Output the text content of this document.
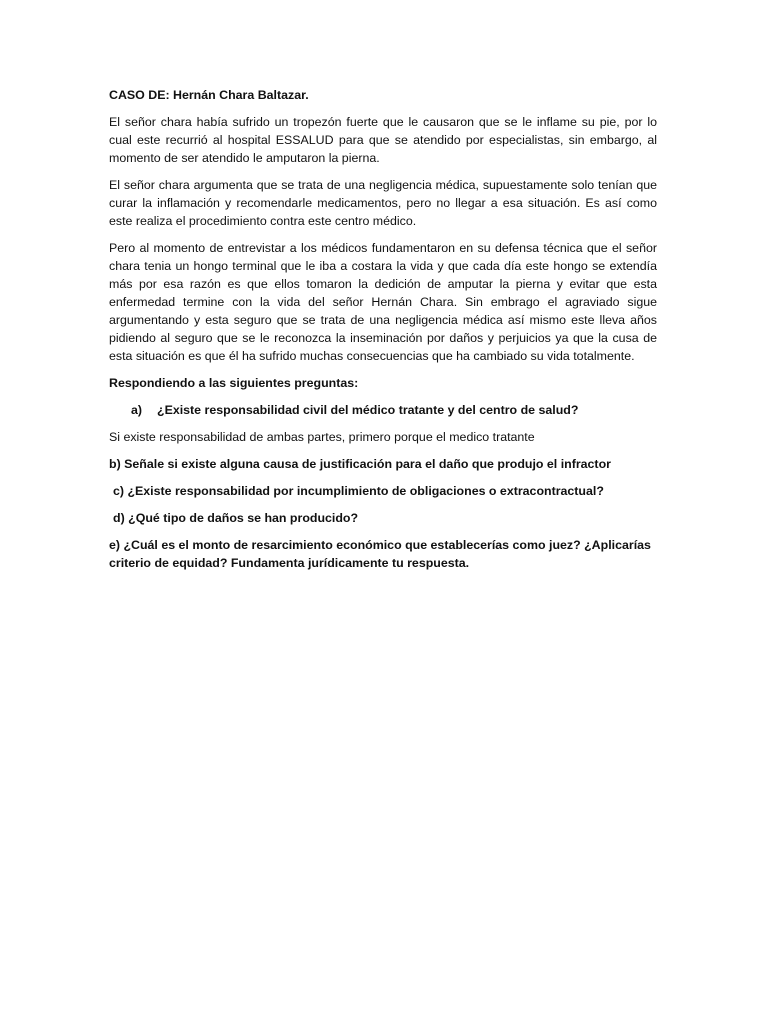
CASO DE: Hernán Chara Baltazar.

El señor chara había sufrido un tropezón fuerte que le causaron que se le inflame su pie, por lo cual este recurrió al hospital ESSALUD para que se atendido por especialistas, sin embargo, al momento de ser atendido le amputaron la pierna.

El señor chara argumenta que se trata de una negligencia médica, supuestamente solo tenían que curar la inflamación y recomendarle medicamentos, pero no llegar a esa situación. Es así como este realiza el procedimiento contra este centro médico.

Pero al momento de entrevistar a los médicos fundamentaron en su defensa técnica que el señor chara tenia un hongo terminal que le iba a costara la vida y que cada día este hongo se extendía más por esa razón es que ellos tomaron la dedición de amputar la pierna y evitar que esta enfermedad termine con la vida del señor Hernán Chara. Sin embrago el agraviado sigue argumentando y esta seguro que se trata de una negligencia médica así mismo este lleva años pidiendo al seguro que se le reconozca la inseminación por daños y perjuicios ya que la cusa de esta situación es que él ha sufrido muchas consecuencias que ha cambiado su vida totalmente.

Respondiendo a las siguientes preguntas:

a)	¿Existe responsabilidad civil del médico tratante y del centro de salud?

Si existe responsabilidad de ambas partes, primero porque el medico tratante

b) Señale si existe alguna causa de justificación para el daño que produjo el infractor

c) ¿Existe responsabilidad por incumplimiento de obligaciones o extracontractual?

d) ¿Qué tipo de daños se han producido?

e) ¿Cuál es el monto de resarcimiento económico que establecerías como juez? ¿Aplicarías criterio de equidad? Fundamenta jurídicamente tu respuesta.
